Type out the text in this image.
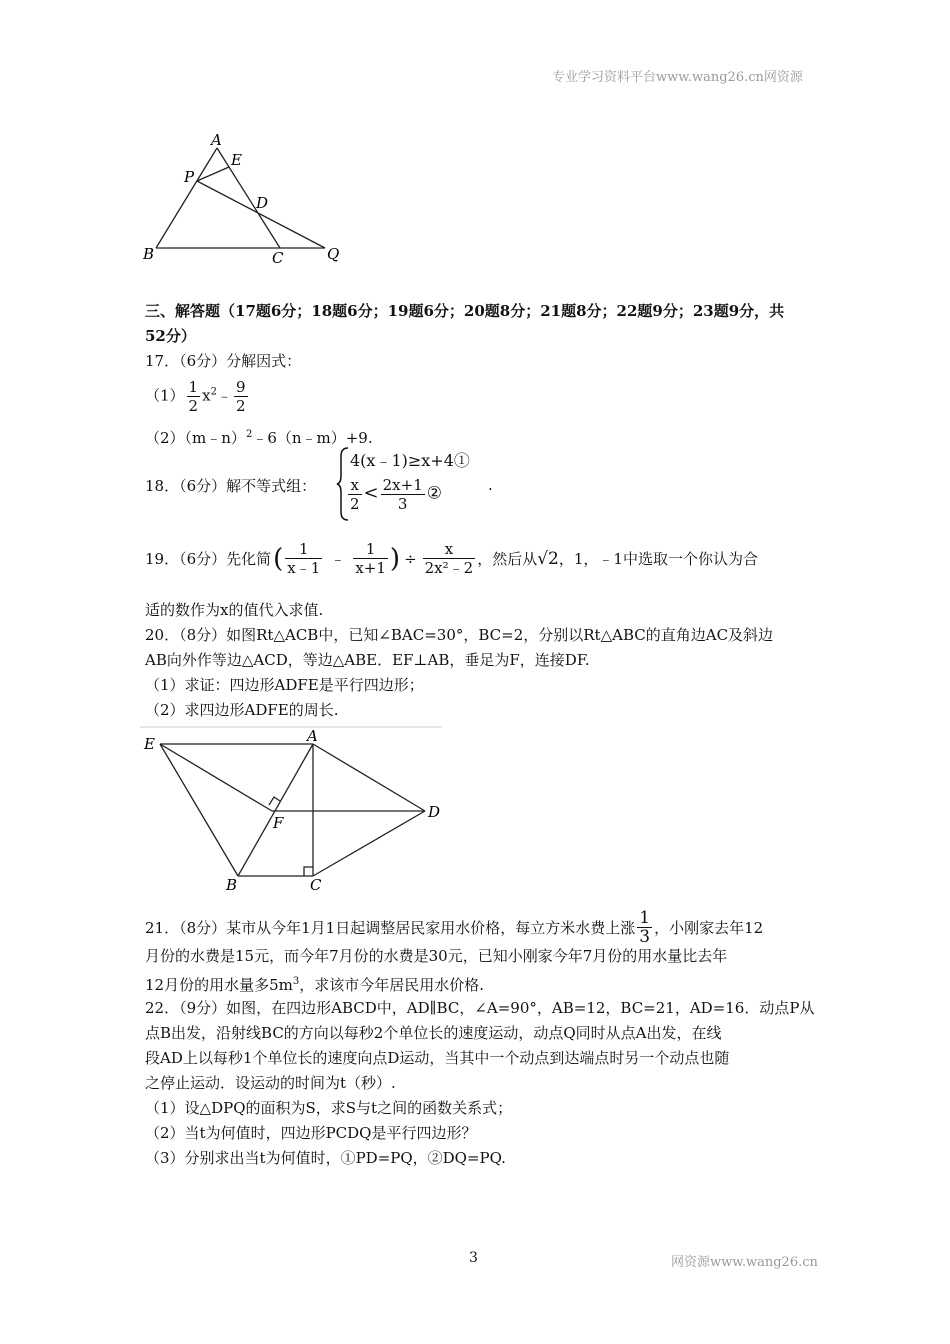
专业学习资料平台www.wang26.cn网资源
A
E
P
D
B	C	Q
三、解答题（17题6分；18题6分；19题6分；20题8分；21题8分；22题9分；23题9分，共
52分）
17．（6分）分解因式：
$(1) \frac{1}{2}$ $x^2﹣ \frac{9}{2}$
（2）（m﹣n）$^2$﹣6（n﹣m）+9.
18．（6分）解不等式组：
4(x﹣1)≥x+4①
$\frac{x}{2} < \frac{2x+1}{3}$ ②	.
19．（6分）先化简 ( $\frac{1}{x﹣1}$ ﹣ $\frac{1}{x+1}$ ) ÷ $\frac{x}{\text{2x²﹣2}}$ ，然后从 √2 ，1，﹣1 中选取一个你认为合
适的数作为x的值代入求值.
20．（8分）如图Rt△ACB中，已知∠BAC=30°，BC=2，分别以Rt△ABC的直角边AC及斜边
AB向外作等边△ACD，等边△ABE．EF⊥AB，垂足为F，连接DF.
（1）求证：四边形ADFE是平行四边形；
（2）求四边形ADFE的周长.
E	A
F
D
B	C
21．（8分）某市从今年1月1日起调整居民家用水价格，每立方米水费上涨 $\frac{1}{3}$ ，小刚家去年12
月份的水费是15元，而今年7月份的水费是30元，已知小刚家今年7月份的用水量比去年
12月份的用水量多$5m^3$，求该市今年居民用水价格.
22．（9分）如图，在四边形ABCD中，AD∥BC，∠A=90°，AB=12，BC=21，AD=16．动点P从
点B出发，沿射线BC的方向以每秒2个单位长的速度运动，动点Q同时从点A出发，在线
段AD上以每秒1个单位长的速度向点D运动，当其中一个动点到达端点时另一个动点也随
之停止运动．设运动的时间为t（秒）.
（1）设△DPQ的面积为S，求S与t之间的函数关系式；
（2）当t为何值时，四边形PCDQ是平行四边形？
（3）分别求出当t为何值时，①PD=PQ，②DQ=PQ.
3	网资源www.wang26.cn
